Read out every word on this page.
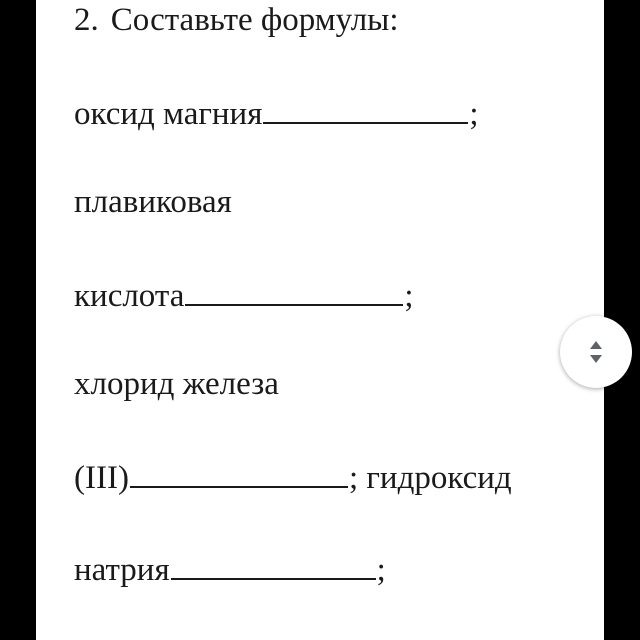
2. Составьте формулы:

оксид магния	;

плавиковая

кислота	;

хлорид железа

(III)	; гидроксид

натрия	;
